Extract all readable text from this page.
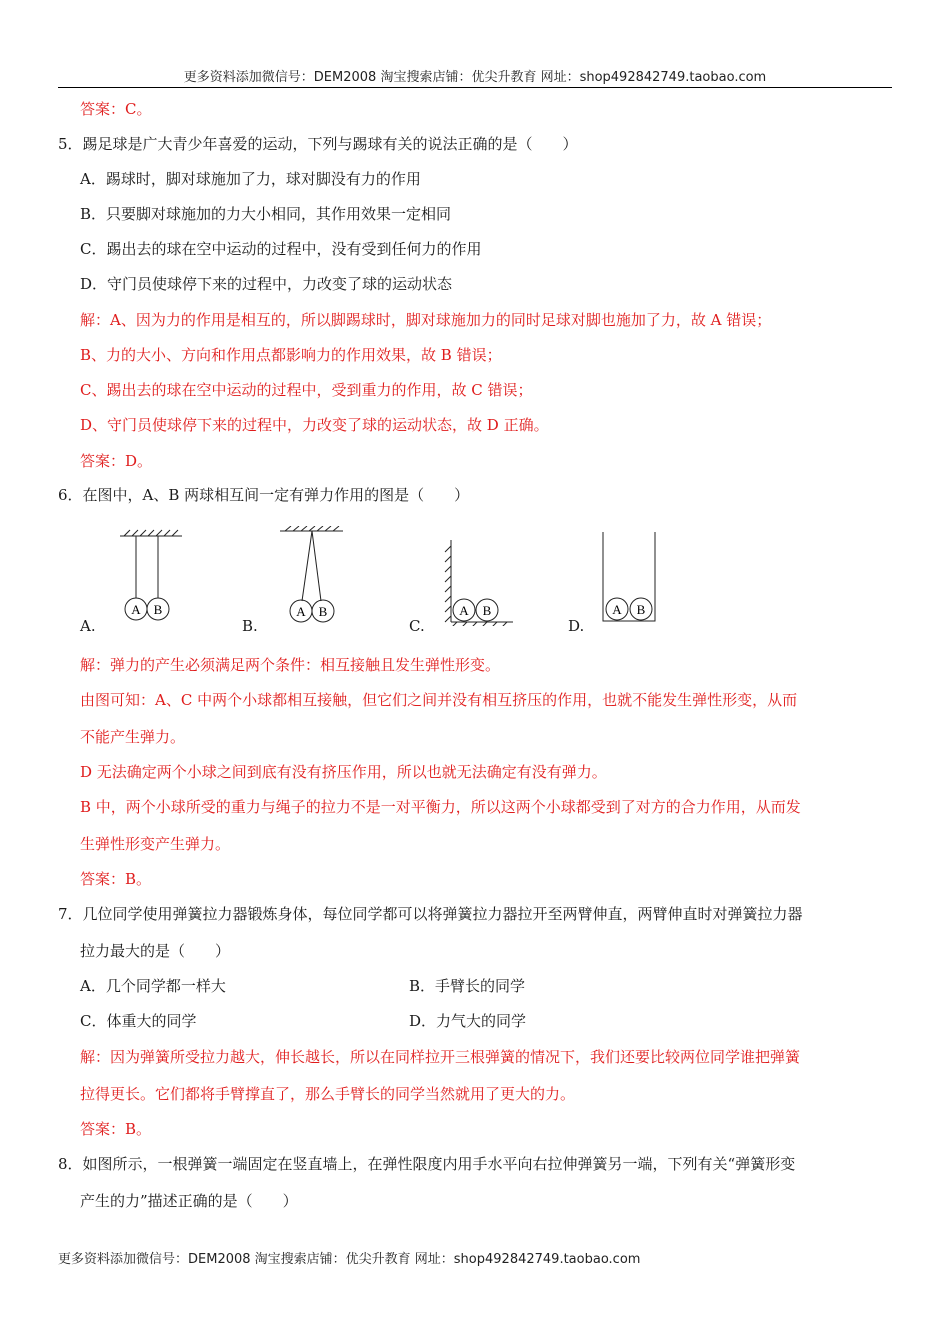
更多资料添加微信号：DEM2008 淘宝搜索店铺：优尖升教育 网址：shop492842749.taobao.com
答案：C。
5．踢足球是广大青少年喜爱的运动，下列与踢球有关的说法正确的是（　　）
A．踢球时，脚对球施加了力，球对脚没有力的作用
B．只要脚对球施加的力大小相同，其作用效果一定相同
C．踢出去的球在空中运动的过程中，没有受到任何力的作用
D．守门员使球停下来的过程中，力改变了球的运动状态
解：A、因为力的作用是相互的，所以脚踢球时，脚对球施加力的同时足球对脚也施加了力，故 A 错误；
B、力的大小、方向和作用点都影响力的作用效果，故 B 错误；
C、踢出去的球在空中运动的过程中，受到重力的作用，故 C 错误；
D、守门员使球停下来的过程中，力改变了球的运动状态，故 D 正确。
答案：D。
6．在图中，A、B 两球相互间一定有弹力作用的图是（　　）
A B
A.
A B
B.
A B
C.
A B
D.
解：弹力的产生必须满足两个条件：相互接触且发生弹性形变。
由图可知：A、C 中两个小球都相互接触，但它们之间并没有相互挤压的作用，也就不能发生弹性形变，从而
不能产生弹力。
D 无法确定两个小球之间到底有没有挤压作用，所以也就无法确定有没有弹力。
B 中，两个小球所受的重力与绳子的拉力不是一对平衡力，所以这两个小球都受到了对方的合力作用，从而发
生弹性形变产生弹力。
答案：B。
7．几位同学使用弹簧拉力器锻炼身体，每位同学都可以将弹簧拉力器拉开至两臂伸直，两臂伸直时对弹簧拉力器
拉力最大的是（　　）
A．几个同学都一样大	B．手臂长的同学
C．体重大的同学	D．力气大的同学
解：因为弹簧所受拉力越大，伸长越长，所以在同样拉开三根弹簧的情况下，我们还要比较两位同学谁把弹簧
拉得更长。它们都将手臂撑直了，那么手臂长的同学当然就用了更大的力。
答案：B。
8．如图所示，一根弹簧一端固定在竖直墙上，在弹性限度内用手水平向右拉伸弹簧另一端，下列有关“弹簧形变
产生的力”描述正确的是（　　）
更多资料添加微信号：DEM2008 淘宝搜索店铺：优尖升教育 网址：shop492842749.taobao.com
